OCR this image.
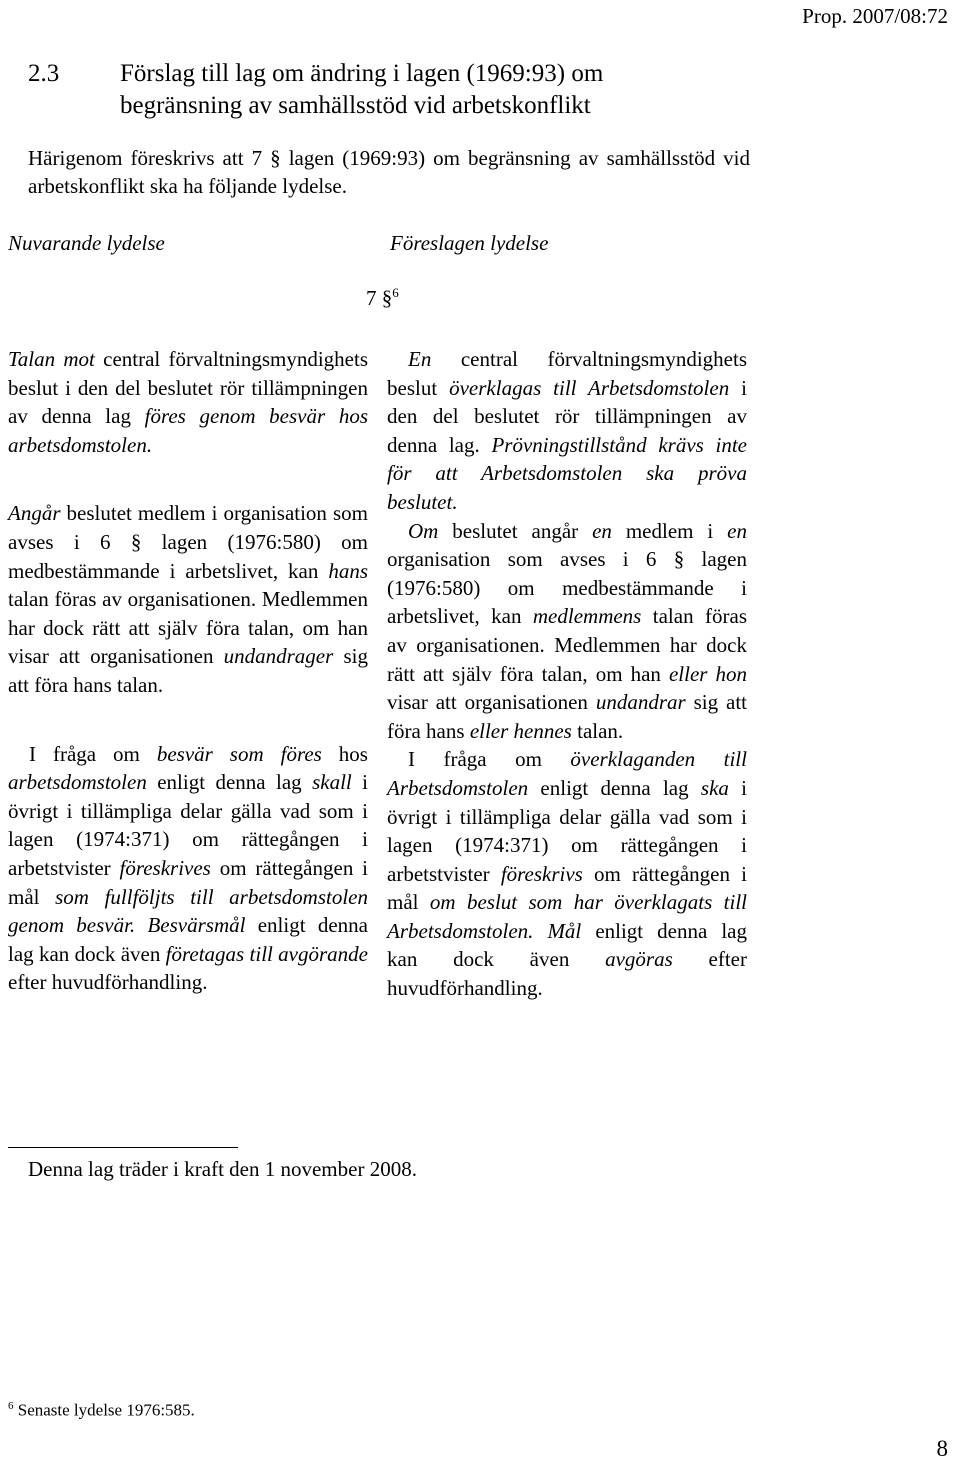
Prop. 2007/08:72
2.3 Förslag till lag om ändring i lagen (1969:93) om
begränsning av samhällsstöd vid arbetskonflikt
Härigenom föreskrivs att 7 § lagen (1969:93) om begränsning av samhällsstöd vid arbetskonflikt ska ha följande lydelse.
Nuvarande lydelse	Föreslagen lydelse
7 §$^6$

Talan mot central förvaltningsmyndighets beslut i den del beslutet rör tillämpningen av denna lag föres genom besvär hos arbetsdomstolen.

Angår beslutet medlem i organisation som avses i 6 § lagen (1976:580) om medbestämmande i arbetslivet, kan hans talan föras av organisationen. Medlemmen har dock rätt att själv föra talan, om han visar att organisationen undandrager sig att föra hans talan.

I fråga om besvär som föres hos arbetsdomstolen enligt denna lag skall i övrigt i tillämpliga delar gälla vad som i lagen (1974:371) om rättegången i arbetstvister föreskrives om rättegången i mål som fullföljts till arbetsdomstolen genom besvär. Besvärsmål enligt denna lag kan dock även företagas till avgörande efter huvudförhandling.

En central förvaltningsmyndighets beslut överklagas till Arbetsdomstolen i den del beslutet rör tillämpningen av denna lag. Prövningstillstånd krävs inte för att Arbetsdomstolen ska pröva beslutet.

Om beslutet angår en medlem i en organisation som avses i 6 § lagen (1976:580) om medbestämmande i arbetslivet, kan medlemmens talan föras av organisationen. Medlemmen har dock rätt att själv föra talan, om han eller hon visar att organisationen undandrar sig att föra hans eller hennes talan.

I fråga om överklaganden till Arbetsdomstolen enligt denna lag ska i övrigt i tillämpliga delar gälla vad som i lagen (1974:371) om rättegången i arbetstvister föreskrivs om rättegången i mål om beslut som har överklagats till Arbetsdomstolen. Mål enligt denna lag kan dock även avgöras efter huvudförhandling.

Denna lag träder i kraft den 1 november 2008.
$^6$ Senaste lydelse 1976:585.
8
